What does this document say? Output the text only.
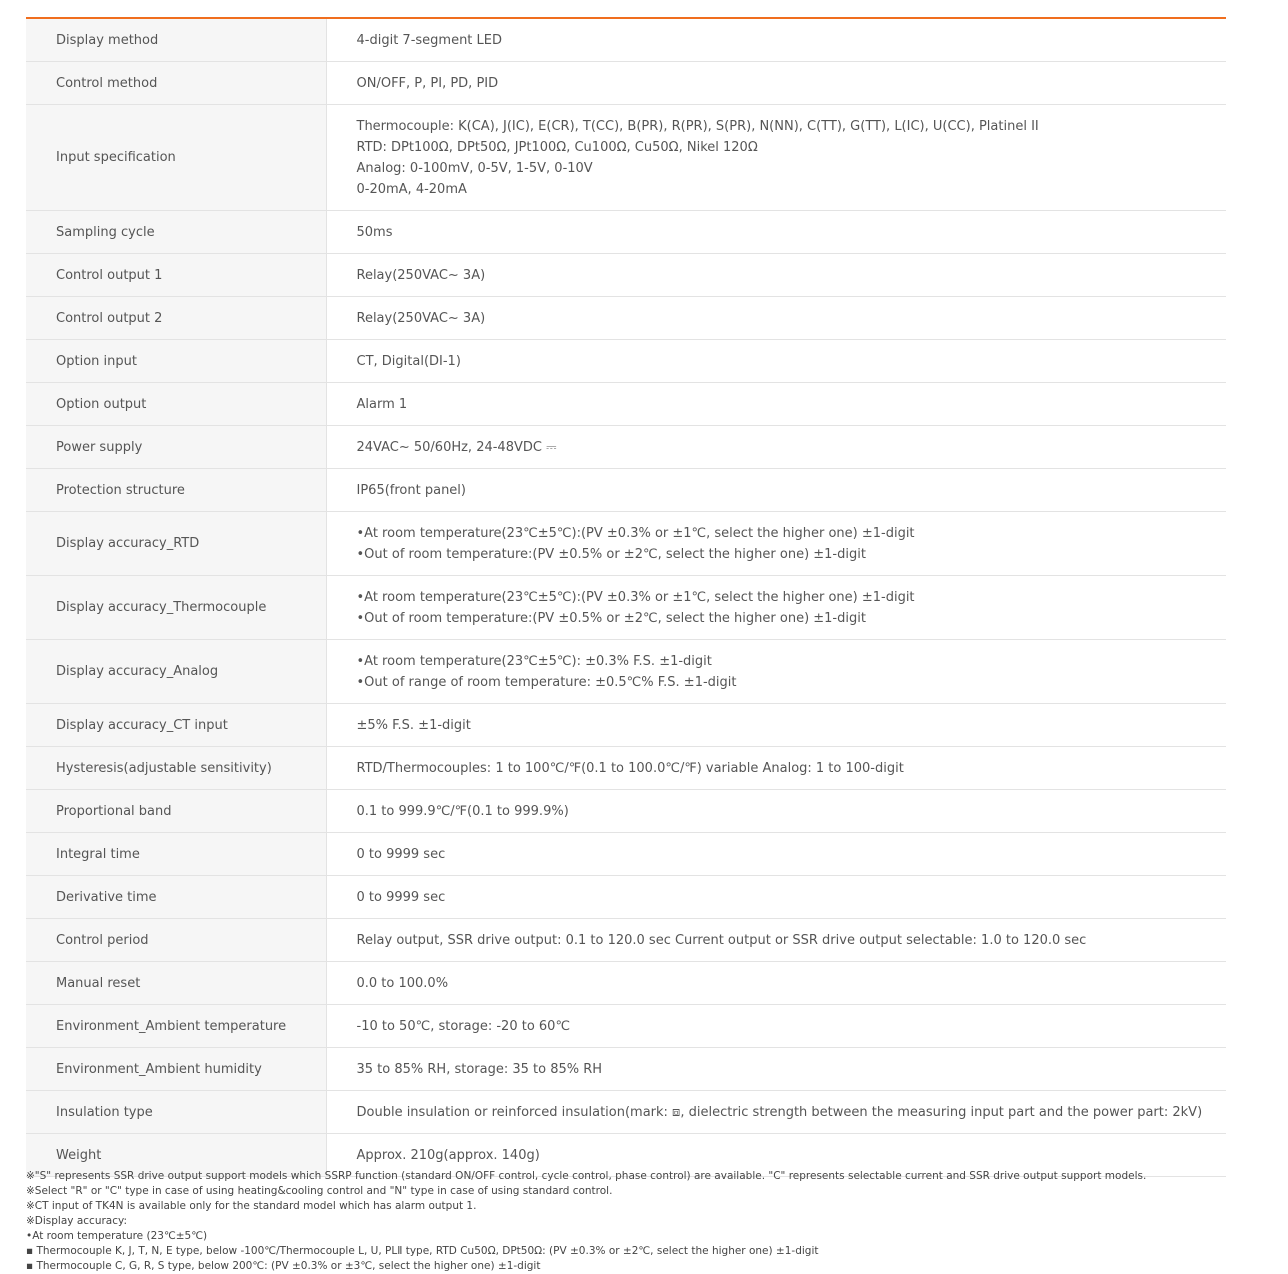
Display method	4-digit 7-segment LED

Control method	ON/OFF, P, PI, PD, PID

Input specification	Thermocouple: K(CA), J(IC), E(CR), T(CC), B(PR), R(PR), S(PR), N(NN), C(TT), G(TT), L(IC), U(CC), Platinel II
RTD: DPt100Ω, DPt50Ω, JPt100Ω, Cu100Ω, Cu50Ω, Nikel 120Ω
Analog: 0-100mV, 0-5V, 1-5V, 0-10V
0-20mA, 4-20mA

Sampling cycle	50ms

Control output 1	Relay(250VAC~ 3A)

Control output 2	Relay(250VAC~ 3A)

Option input	CT, Digital(DI-1)

Option output	Alarm 1

Power supply	24VAC~ 50/60Hz, 24-48VDC ⎓

Protection structure	IP65(front panel)

Display accuracy_RTD	•At room temperature(23℃±5℃):(PV ±0.3% or ±1℃, select the higher one) ±1-digit
•Out of room temperature:(PV ±0.5% or ±2℃, select the higher one) ±1-digit

Display accuracy_Thermocouple	•At room temperature(23℃±5℃):(PV ±0.3% or ±1℃, select the higher one) ±1-digit
•Out of room temperature:(PV ±0.5% or ±2℃, select the higher one) ±1-digit

Display accuracy_Analog	•At room temperature(23℃±5℃): ±0.3% F.S. ±1-digit
•Out of range of room temperature: ±0.5℃% F.S. ±1-digit

Display accuracy_CT input	±5% F.S. ±1-digit

Hysteresis(adjustable sensitivity)	RTD/Thermocouples: 1 to 100℃/℉(0.1 to 100.0℃/℉) variable Analog: 1 to 100-digit

Proportional band	0.1 to 999.9℃/℉(0.1 to 999.9%)

Integral time	0 to 9999 sec

Derivative time	0 to 9999 sec

Control period	Relay output, SSR drive output: 0.1 to 120.0 sec Current output or SSR drive output selectable: 1.0 to 120.0 sec

Manual reset	0.0 to 100.0%

Environment_Ambient temperature	-10 to 50℃, storage: -20 to 60℃

Environment_Ambient humidity	35 to 85% RH, storage: 35 to 85% RH

Insulation type	Double insulation or reinforced insulation(mark: ⧈, dielectric strength between the measuring input part and the power part: 2kV)

Weight	Approx. 210g(approx. 140g)
※"S" represents SSR drive output support models which SSRP function (standard ON/OFF control, cycle control, phase control) are available. "C" represents selectable current and SSR drive output support models.
※Select "R" or "C" type in case of using heating&cooling control and "N" type in case of using standard control.
※CT input of TK4N is available only for the standard model which has alarm output 1.
※Display accuracy:
•At room temperature (23℃±5℃)
▪ Thermocouple K, J, T, N, E type, below -100℃/Thermocouple L, U, PLⅡ type, RTD Cu50Ω, DPt50Ω: (PV ±0.3% or ±2℃, select the higher one) ±1-digit
▪ Thermocouple C, G, R, S type, below 200℃: (PV ±0.3% or ±3℃, select the higher one) ±1-digit
